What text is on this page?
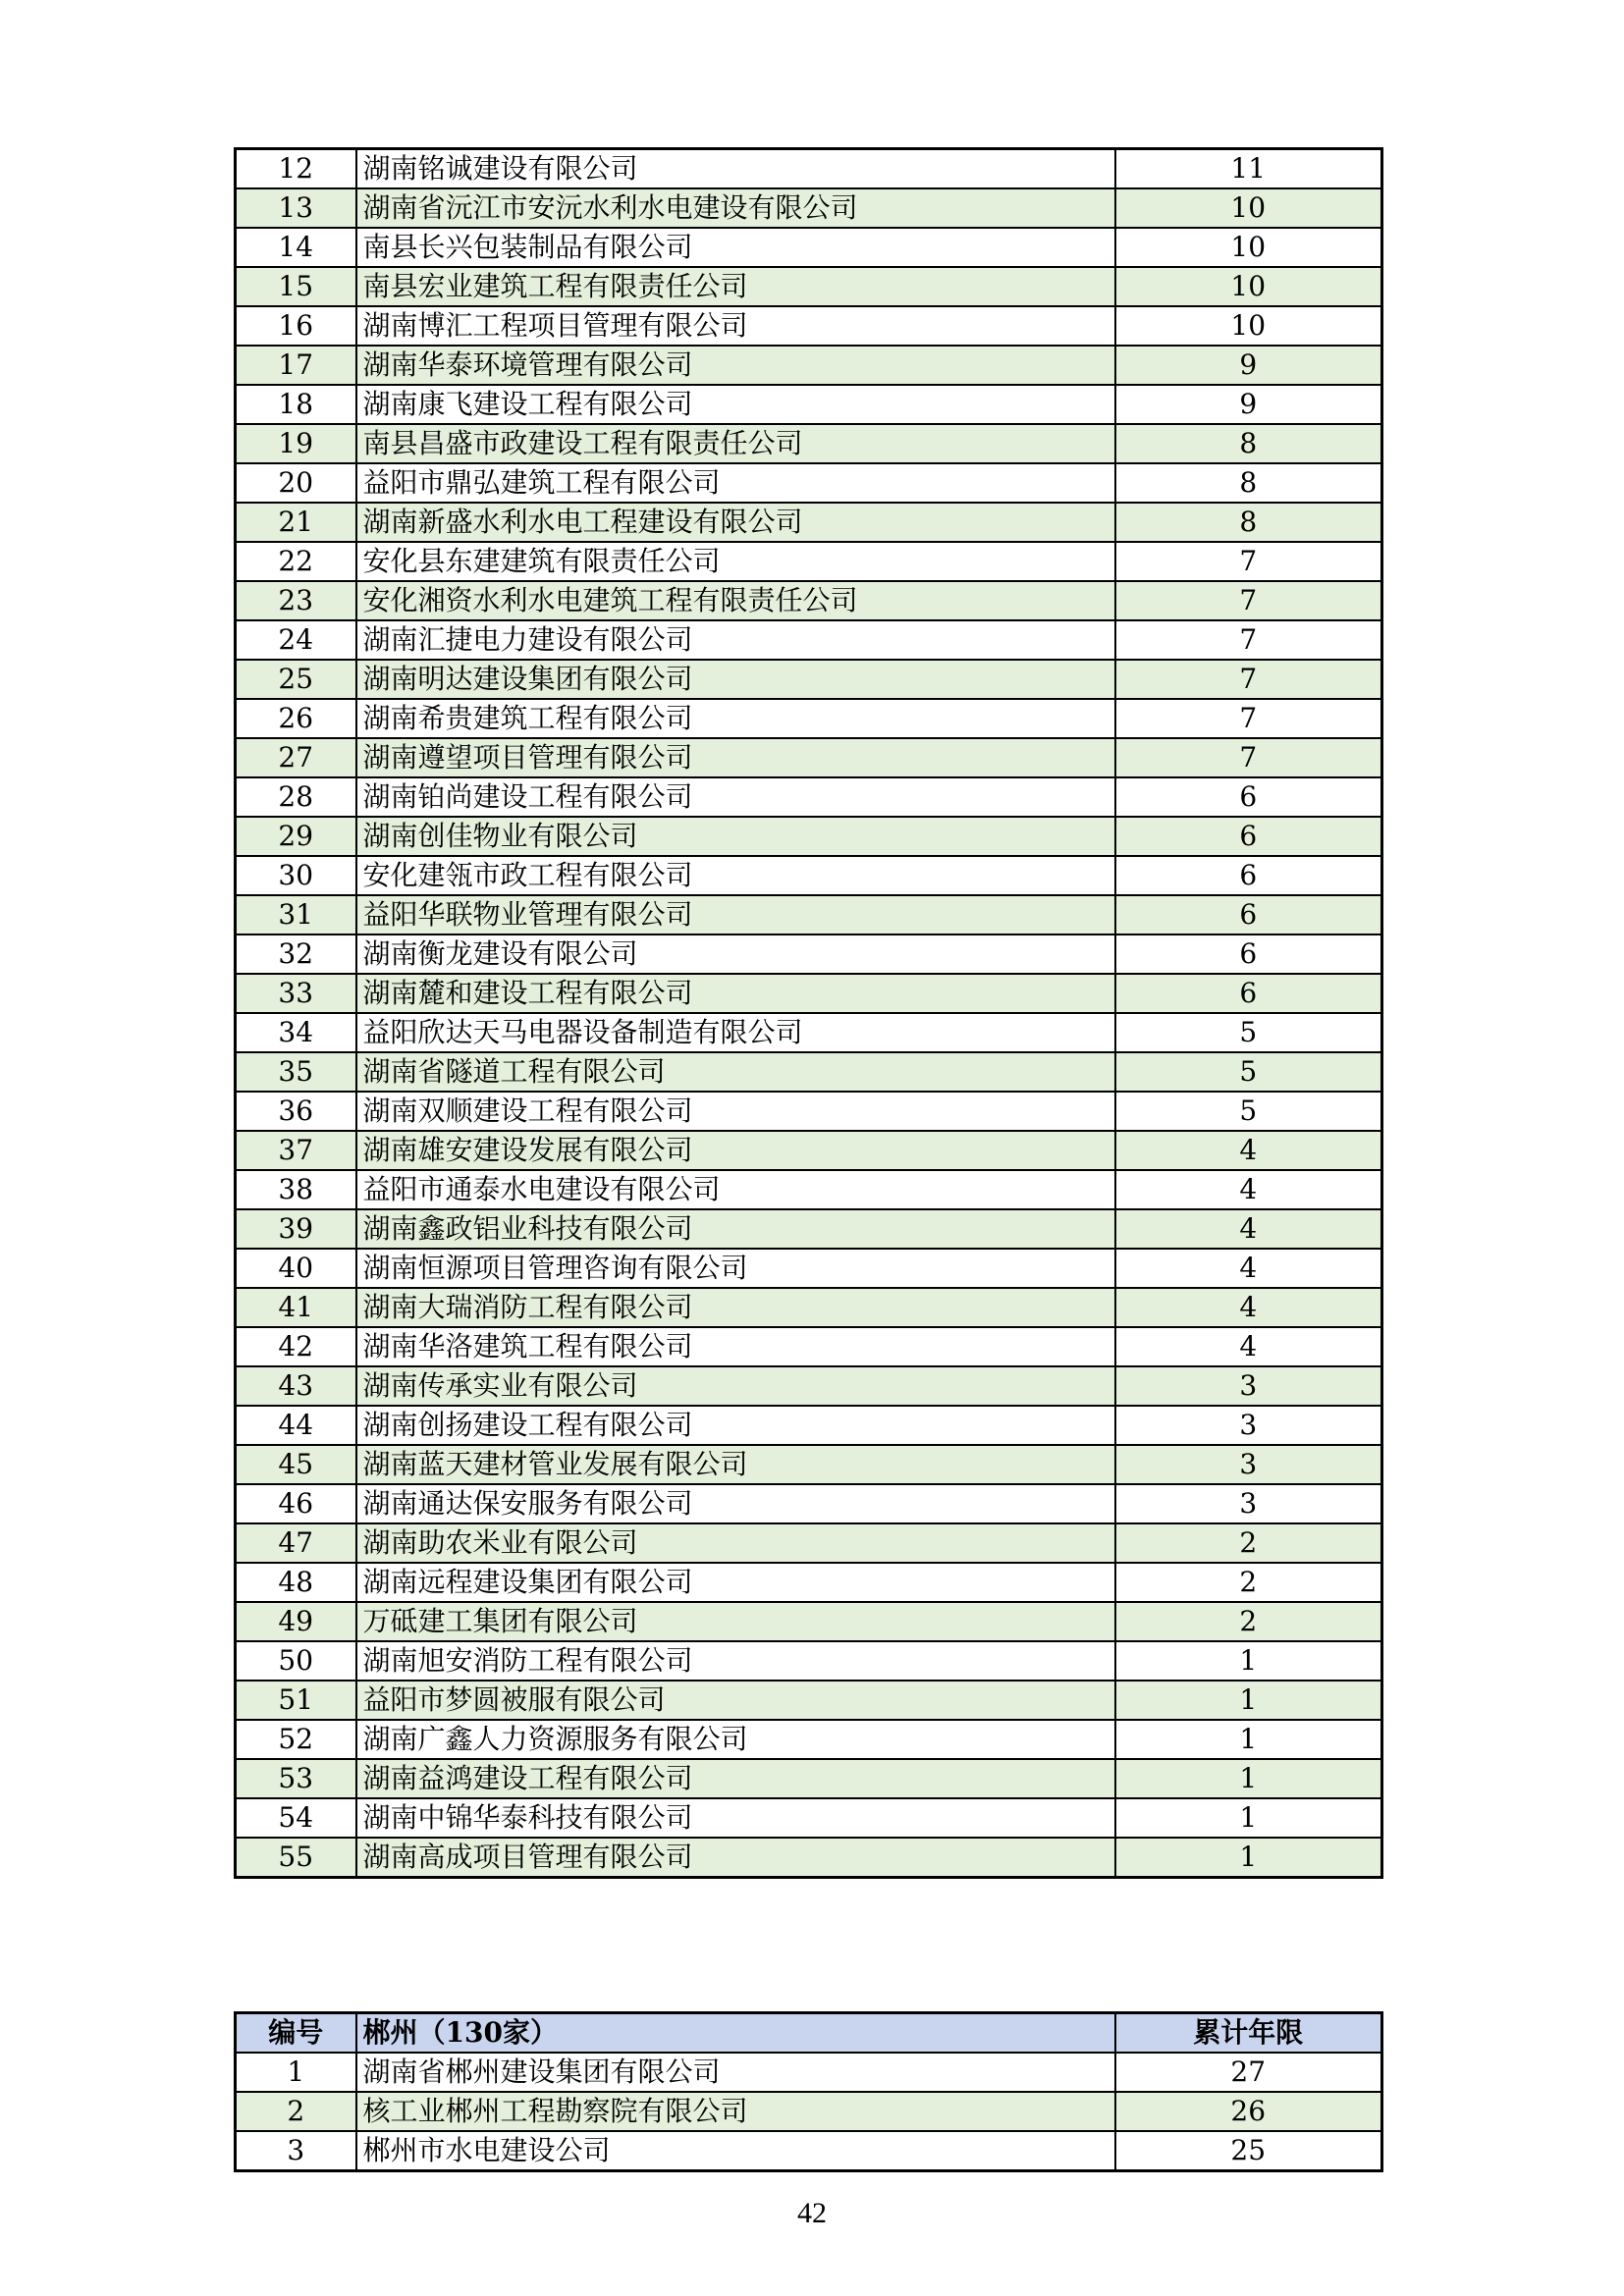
12	湖南铭诚建设有限公司	11
13	湖南省沅江市安沅水利水电建设有限公司	10
14	南县长兴包装制品有限公司	10
15	南县宏业建筑工程有限责任公司	10
16	湖南博汇工程项目管理有限公司	10
17	湖南华泰环境管理有限公司	9
18	湖南康飞建设工程有限公司	9
19	南县昌盛市政建设工程有限责任公司	8
20	益阳市鼎弘建筑工程有限公司	8
21	湖南新盛水利水电工程建设有限公司	8
22	安化县东建建筑有限责任公司	7
23	安化湘资水利水电建筑工程有限责任公司	7
24	湖南汇捷电力建设有限公司	7
25	湖南明达建设集团有限公司	7
26	湖南希贵建筑工程有限公司	7
27	湖南遵望项目管理有限公司	7
28	湖南铂尚建设工程有限公司	6
29	湖南创佳物业有限公司	6
30	安化建瓴市政工程有限公司	6
31	益阳华联物业管理有限公司	6
32	湖南衡龙建设有限公司	6
33	湖南麓和建设工程有限公司	6
34	益阳欣达天马电器设备制造有限公司	5
35	湖南省隧道工程有限公司	5
36	湖南双顺建设工程有限公司	5
37	湖南雄安建设发展有限公司	4
38	益阳市通泰水电建设有限公司	4
39	湖南鑫政铝业科技有限公司	4
40	湖南恒源项目管理咨询有限公司	4
41	湖南大瑞消防工程有限公司	4
42	湖南华洛建筑工程有限公司	4
43	湖南传承实业有限公司	3
44	湖南创扬建设工程有限公司	3
45	湖南蓝天建材管业发展有限公司	3
46	湖南通达保安服务有限公司	3
47	湖南助农米业有限公司	2
48	湖南远程建设集团有限公司	2
49	万砥建工集团有限公司	2
50	湖南旭安消防工程有限公司	1
51	益阳市梦圆被服有限公司	1
52	湖南广鑫人力资源服务有限公司	1
53	湖南益鸿建设工程有限公司	1
54	湖南中锦华泰科技有限公司	1
55	湖南高成项目管理有限公司	1
编号	郴州（130家）	累计年限
1	湖南省郴州建设集团有限公司	27
2	核工业郴州工程勘察院有限公司	26
3	郴州市水电建设公司	25
42
